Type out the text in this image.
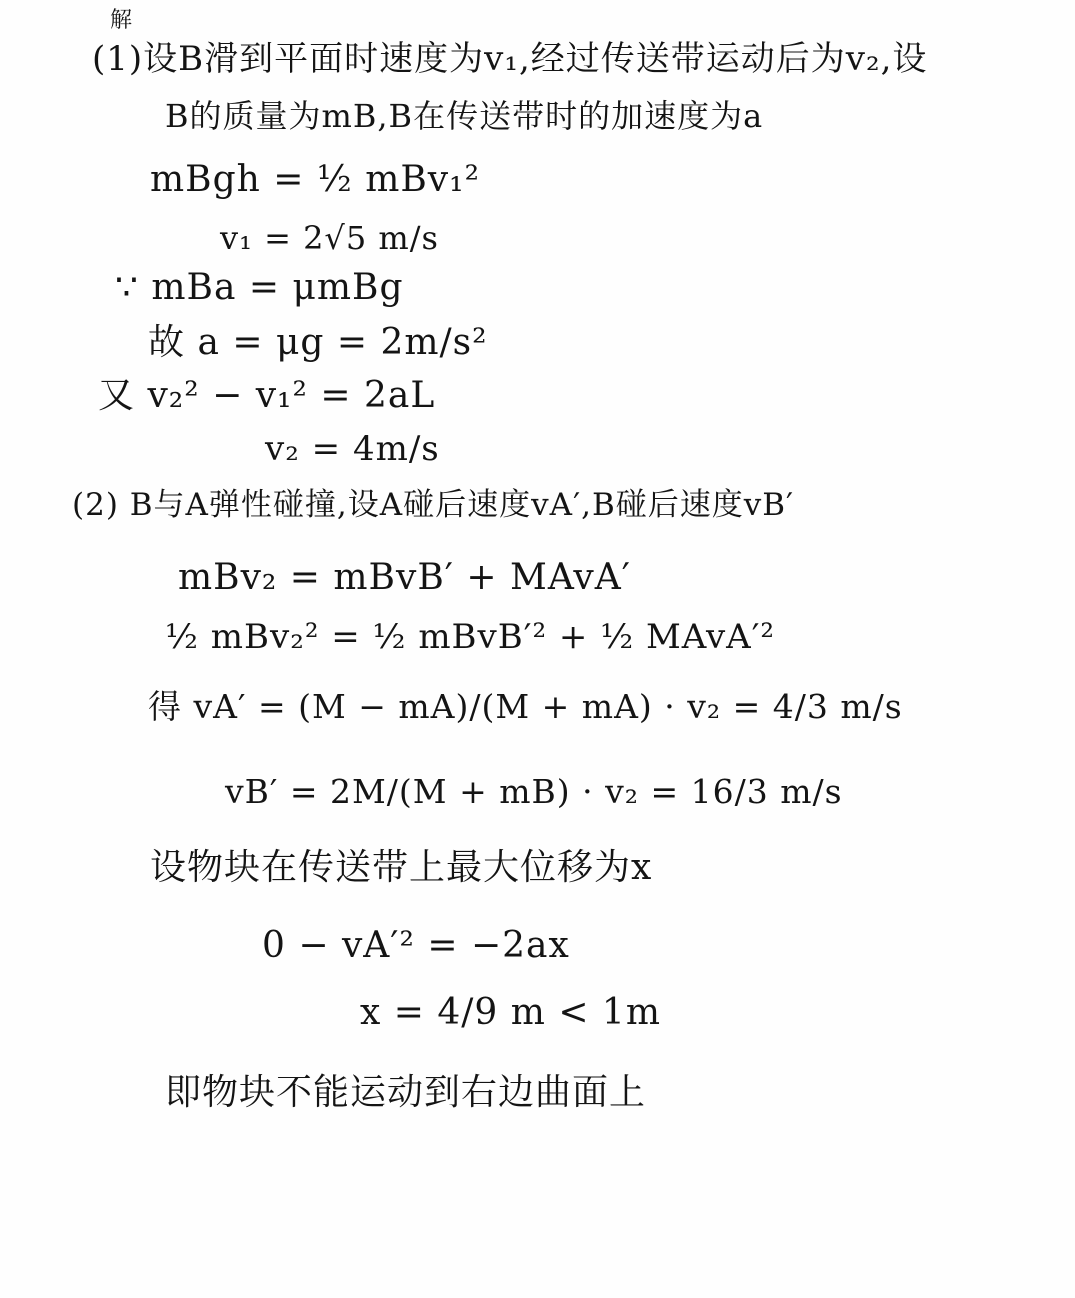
解
(1)设B滑到平面时速度为v₁,经过传送带运动后为v₂,设
B的质量为mB,B在传送带时的加速度为a
mBgh = ½ mBv₁²
v₁ = 2√5 m/s
∵ mBa = μmBg
故 a = μg = 2m/s²
又 v₂² − v₁² = 2aL
v₂ = 4m/s
(2) B与A弹性碰撞,设A碰后速度vA′,B碰后速度vB′
mBv₂ = mBvB′ + MAvA′
½ mBv₂² = ½ mBvB′² + ½ MAvA′²
得 vA′ = (M − mA)/(M + mA) · v₂ = 4/3 m/s
vB′ = 2M/(M + mB) · v₂ = 16/3 m/s
设物块在传送带上最大位移为x
0 − vA′² = −2ax
x = 4/9 m < 1m
即物块不能运动到右边曲面上
